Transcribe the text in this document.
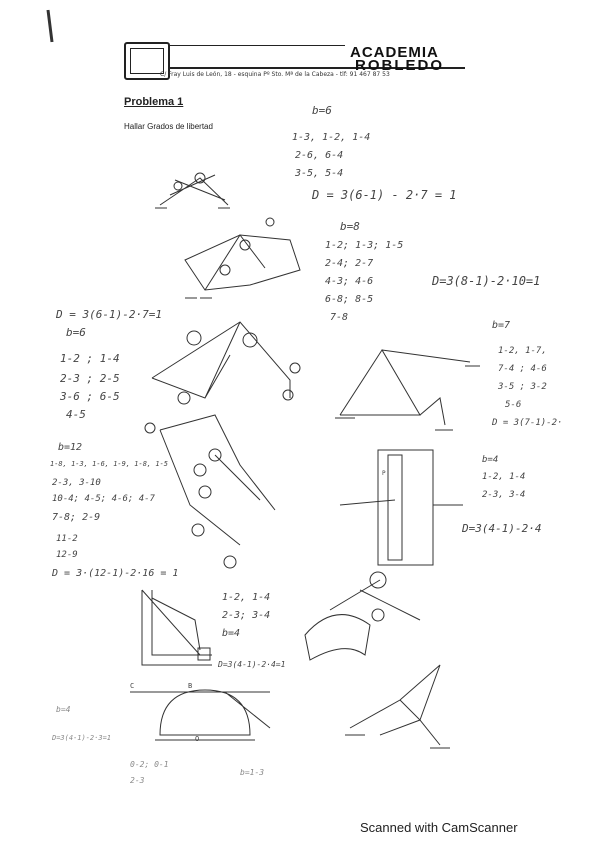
ACADEMIA
ROBLEDO
C/ Fray Luis de León, 18 - esquina Pº Sto. Mª de la Cabeza - tlf: 91 467 87 53
Problema 1
Hallar Grados de libertad
b=6
1-3, 1-2, 1-4
2-6, 6-4
3-5, 5-4
D = 3(6-1) - 2·7 = 1
b=8
1-2; 1-3; 1-5
2-4; 2-7
4-3; 4-6
6-8; 8-5
7-8
D=3(8-1)-2·10=1
D = 3(6-1)-2·7=1
b=6
1-2 ; 1-4
2-3 ; 2-5
3-6 ; 6-5
4-5
b=7
1-2, 1-7,
7-4 ; 4-6
3-5 ; 3-2
5-6
D = 3(7-1)-2·
b=12
1-8, 1-3, 1-6, 1-9, 1-8, 1-5
2-3, 3-10
10-4; 4-5; 4-6; 4-7
7-8; 2-9
11-2
12-9
D = 3·(12-1)-2·16 = 1
b=4
1-2, 1-4
2-3, 3-4
D=3(4-1)-2·4
1-2, 1-4
2-3; 3-4
b=4
D=3(4-1)-2·4=1
b=4
D=3(4-1)-2·3=1
0-2; 0-1
2-3
b=1-3
B
C
O
P
Scanned with CamScanner
